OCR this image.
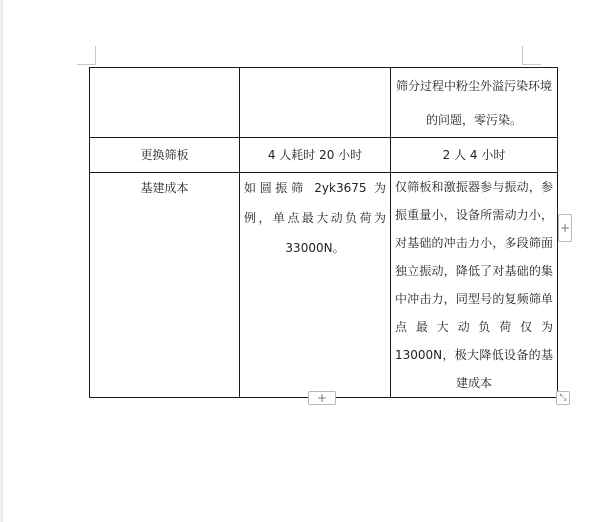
		筛分过程中粉尘外溢污染环境的问题，零污染。

更换筛板	4 人耗时 20 小时	2 人 4 小时

基建成本	如圆振筛 2yk3675 为例，单点最大动负荷为 33000N。	仅筛板和激振器参与振动，参振重量小，设备所需动力小，对基础的冲击力小，多段筛面独立振动，降低了对基础的集中冲击力，同型号的复频筛单点最大动负荷仅为 13000N，极大降低设备的基建成本
+
+	⤡
